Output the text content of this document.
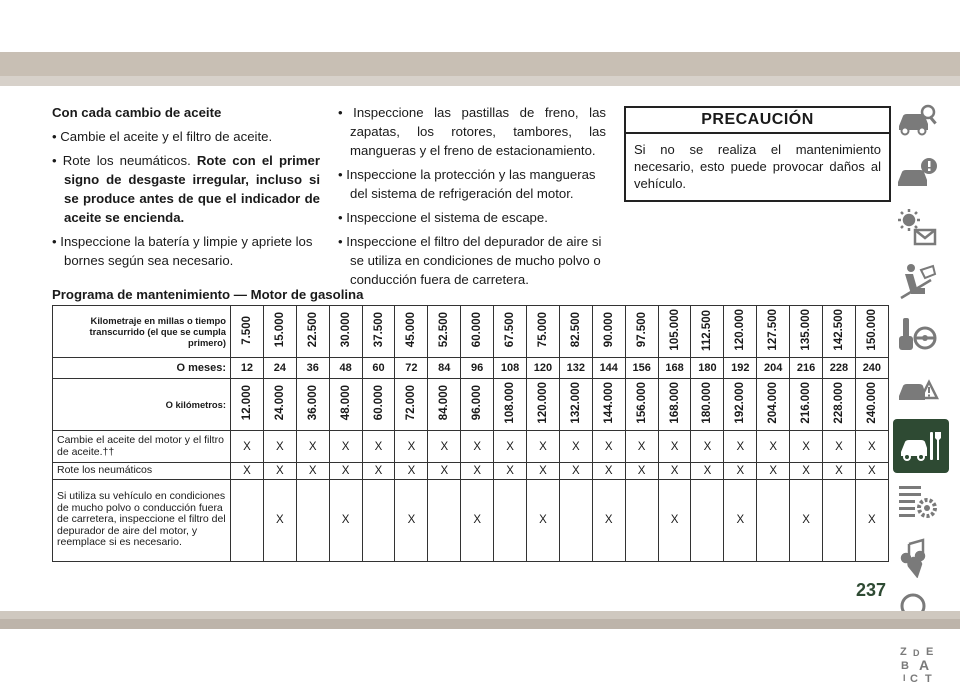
Con cada cambio de aceite

• Cambie el aceite y el filtro de aceite.

• Rote los neumáticos. Rote con el primer signo de desgaste irregular, incluso si se produce antes de que el indicador de aceite se encienda.

• Inspeccione la batería y limpie y apriete los bornes según sea necesario.

• Inspeccione las pastillas de freno, las zapatas, los rotores, tambores, las mangueras y el freno de estacionamiento.

• Inspeccione la protección y las mangueras del sistema de refrigeración del motor.

• Inspeccione el sistema de escape.

• Inspeccione el filtro del depurador de aire si se utiliza en condiciones de mucho polvo o conducción fuera de carretera.

PRECAUCIÓN
Si no se realiza el mantenimiento necesario, esto puede provocar daños al vehículo.
Programa de mantenimiento — Motor de gasolina
Kilometraje en millas o tiempo transcurrido (el que se cumpla primero)	7.500	15.000	22.500	30.000	37.500	45.000	52.500	60.000	67.500	75.000	82.500	90.000	97.500	105.000	112.500	120.000	127.500	135.000	142.500	150.000
O meses:	12	24	36	48	60	72	84	96	108	120	132	144	156	168	180	192	204	216	228	240
O kilómetros:	12.000	24.000	36.000	48.000	60.000	72.000	84.000	96.000	108.000	120.000	132.000	144.000	156.000	168.000	180.000	192.000	204.000	216.000	228.000	240.000
Cambie el aceite del motor y el filtro de aceite.††	X	X	X	X	X	X	X	X	X	X	X	X	X	X	X	X	X	X	X	X
Rote los neumáticos	X	X	X	X	X	X	X	X	X	X	X	X	X	X	X	X	X	X	X	X
Si utiliza su vehículo en condiciones de mucho polvo o conducción fuera de carretera, inspeccione el filtro del depurador de aire del motor, y reemplace si es necesario.		X		X		X		X		X		X		X		X		X		X
Z E
B A
C T
D
I
237
